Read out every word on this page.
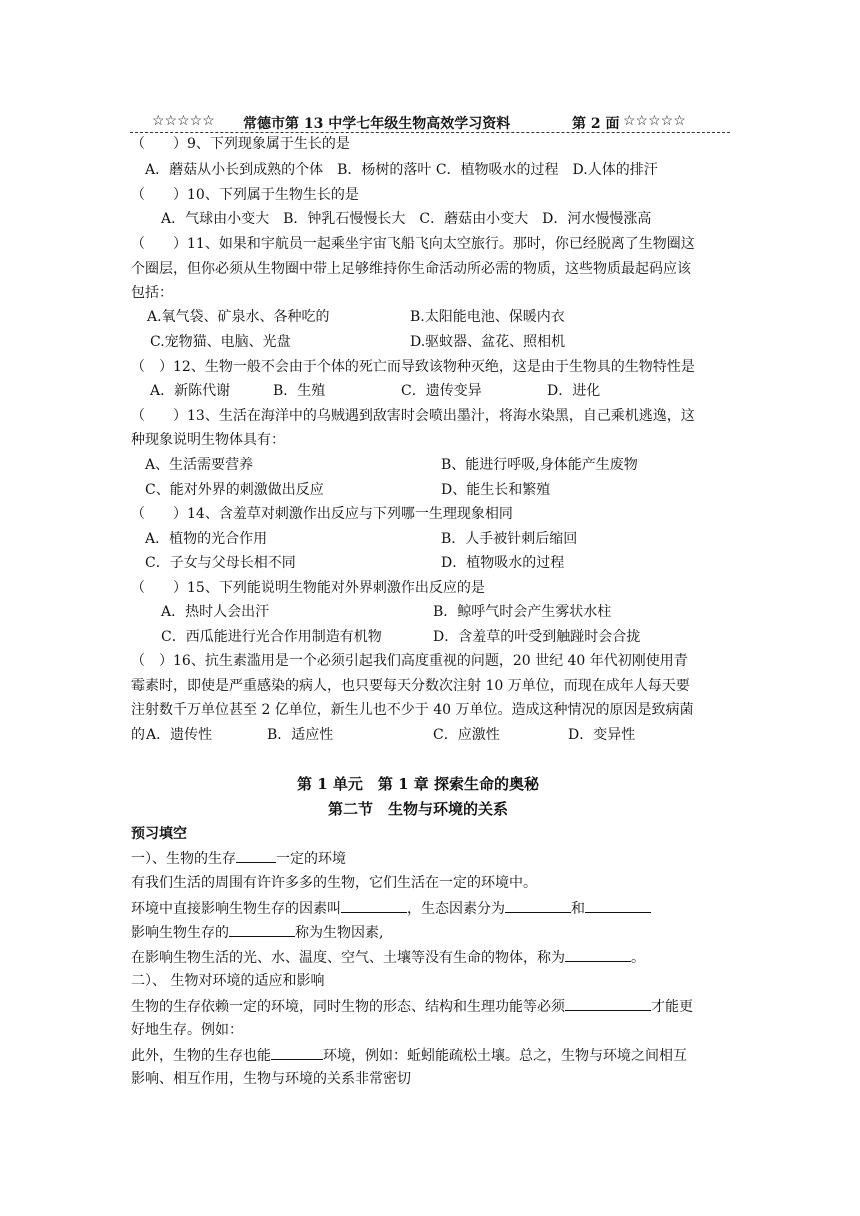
☆☆☆☆☆ 常德市第 13 中学七年级生物高效学习资料	第 2 面 ☆☆☆☆☆
（　　）9、下列现象属于生长的是
A．蘑菇从小长到成熟的个体　B．杨树的落叶 C．植物吸水的过程　D.人体的排汗
（　　）10、下列属于生物生长的是
A．气球由小变大　B．钟乳石慢慢长大　C．蘑菇由小变大　D．河水慢慢涨高
（　　）11、如果和宇航员一起乘坐宇宙飞船飞向太空旅行。那时，你已经脱离了生物圈这
个圈层，但你必须从生物圈中带上足够维持你生命活动所必需的物质，这些物质最起码应该
包括：
A.氧气袋、矿泉水、各种吃的	B.太阳能电池、保暖内衣
C.宠物猫、电脑、光盘	D.驱蚊器、盆花、照相机
（　）12、生物一般不会由于个体的死亡而导致该物种灭绝，这是由于生物具的生物特性是
A．新陈代谢	B．生殖	C．遗传变异	D．进化
（　　）13、生活在海洋中的乌贼遇到敌害时会喷出墨汁，将海水染黑，自己乘机逃逸，这
种现象说明生物体具有：
A、生活需要营养	B、能进行呼吸,身体能产生废物
C、能对外界的刺激做出反应	D、能生长和繁殖
（　　）14、含羞草对刺激作出反应与下列哪一生理现象相同
A．植物的光合作用	B．人手被针刺后缩回
C．子女与父母长相不同	D．植物吸水的过程
（　　）15、下列能说明生物能对外界刺激作出反应的是
A．热时人会出汗	B．鲸呼气时会产生雾状水柱
C．西瓜能进行光合作用制造有机物	D．含羞草的叶受到触踫时会合拢
（　）16、抗生素滥用是一个必须引起我们高度重视的问题，20 世纪 40 年代初刚使用青
霉素时，即使是严重感染的病人，也只要每天分数次注射 10 万单位，而现在成年人每天要
注射数千万单位甚至 2 亿单位，新生儿也不少于 40 万单位。造成这种情况的原因是致病菌
的 A．遗传性	B．适应性	C．应激性	D．变异性
第 1 单元　第 1 章 探索生命的奥秘
第二节　生物与环境的关系
预习填空
一）、生物的生存	一定的环境
有我们生活的周围有许许多多的生物，它们生活在一定的环境中。
环境中直接影响生物生存的因素叫	，生态因素分为	和
影响生物生存的	称为生物因素,
在影响生物生活的光、水、温度、空气、土壤等没有生命的物体，称为	。
二）、 生物对环境的适应和影响
生物的生存依赖一定的环境，同时生物的形态、结构和生理功能等必须	才能更
好地生存。例如：
此外，生物的生存也能	环境，例如：蚯蚓能疏松土壤。总之，生物与环境之间相互
影响、相互作用，生物与环境的关系非常密切
